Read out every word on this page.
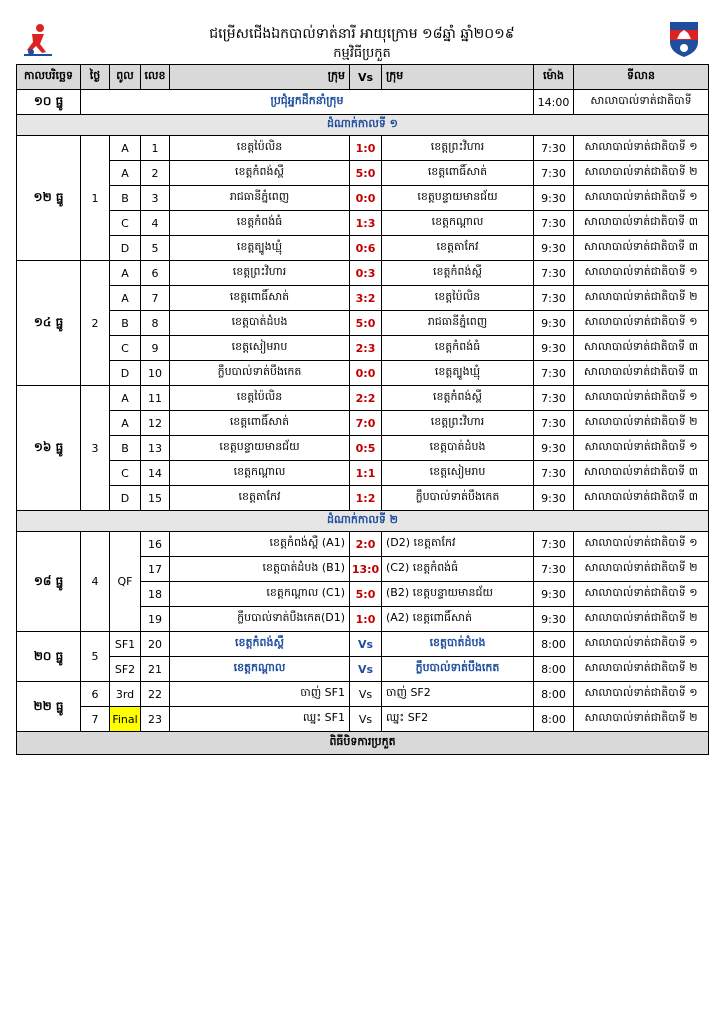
ជម្រើសជើងឯកបាល់ទាត់នារី អាយុក្រោម ១៨ឆ្នាំ ឆ្នាំ២០១៩
កម្មវិធីប្រកួត
កាលបរិច្ឆេទ	ថ្ងៃ	ពូល	លេខ	ក្រុម	Vs	ក្រុម	ម៉ោង	ទីលាន
១០ ធ្នូ	ប្រជុំអ្នកដឹកនាំក្រុម						14:00	សាលាបាល់ទាត់ជាតិបាទី
ដំណាក់កាលទី ១								
១២ ធ្នូ	1	A	1	ខេត្តប៉ៃលិន	1:0	ខេត្តព្រះវិហារ	7:30	សាលាបាល់ទាត់ជាតិបាទី ១
		A	2	ខេត្តកំពង់ស្ពឺ	5:0	ខេត្តពោធិ៍សាត់	7:30	សាលាបាល់ទាត់ជាតិបាទី ២
		B	3	រាជធានីភ្នំពេញ	0:0	ខេត្តបន្ទាយមានជ័យ	9:30	សាលាបាល់ទាត់ជាតិបាទី ១
		C	4	ខេត្តកំពង់ធំ	1:3	ខេត្តកណ្ដាល	7:30	សាលាបាល់ទាត់ជាតិបាទី ៣
		D	5	ខេត្តត្បូងឃ្មុំ	0:6	ខេត្តតាកែវ	9:30	សាលាបាល់ទាត់ជាតិបាទី ៣
១៤ ធ្នូ	2	A	6	ខេត្តព្រះវិហារ	0:3	ខេត្តកំពង់ស្ពឺ	7:30	សាលាបាល់ទាត់ជាតិបាទី ១
		A	7	ខេត្តពោធិ៍សាត់	3:2	ខេត្តប៉ៃលិន	7:30	សាលាបាល់ទាត់ជាតិបាទី ២
		B	8	ខេត្តបាត់ដំបង	5:0	រាជធានីភ្នំពេញ	9:30	សាលាបាល់ទាត់ជាតិបាទី ១
		C	9	ខេត្តសៀមរាប	2:3	ខេត្តកំពង់ធំ	9:30	សាលាបាល់ទាត់ជាតិបាទី ៣
		D	10	ក្លឹបបាល់ទាត់បឹងកេត	0:0	ខេត្តត្បូងឃ្មុំ	7:30	សាលាបាល់ទាត់ជាតិបាទី ៣
១៦ ធ្នូ	3	A	11	ខេត្តប៉ៃលិន	2:2	ខេត្តកំពង់ស្ពឺ	7:30	សាលាបាល់ទាត់ជាតិបាទី ១
		A	12	ខេត្តពោធិ៍សាត់	7:0	ខេត្តព្រះវិហារ	7:30	សាលាបាល់ទាត់ជាតិបាទី ២
		B	13	ខេត្តបន្ទាយមានជ័យ	0:5	ខេត្តបាត់ដំបង	9:30	សាលាបាល់ទាត់ជាតិបាទី ១
		C	14	ខេត្តកណ្ដាល	1:1	ខេត្តសៀមរាប	7:30	សាលាបាល់ទាត់ជាតិបាទី ៣
		D	15	ខេត្តតាកែវ	1:2	ក្លឹបបាល់ទាត់បឹងកេត	9:30	សាលាបាល់ទាត់ជាតិបាទី ៣
ដំណាក់កាលទី ២								
១៨ ធ្នូ	4	QF	16	ខេត្តកំពង់ស្ពឺ (A1)	2:0	(D2) ខេត្តតាកែវ	7:30	សាលាបាល់ទាត់ជាតិបាទី ១
			17	ខេត្តបាត់ដំបង (B1)	13:0	(C2) ខេត្តកំពង់ធំ	7:30	សាលាបាល់ទាត់ជាតិបាទី ២
			18	ខេត្តកណ្ដាល (C1)	5:0	(B2) ខេត្តបន្ទាយមានជ័យ	9:30	សាលាបាល់ទាត់ជាតិបាទី ១
			19	ក្លឹបបាល់ទាត់បឹងកេត(D1)	1:0	(A2) ខេត្តពោធិ៍សាត់	9:30	សាលាបាល់ទាត់ជាតិបាទី ២
២០ ធ្នូ	5	SF1	20	ខេត្តកំពង់ស្ពឺ	Vs	ខេត្តបាត់ដំបង	8:00	សាលាបាល់ទាត់ជាតិបាទី ១
		SF2	21	ខេត្តកណ្ដាល	Vs	ក្លឹបបាល់ទាត់បឹងកេត	8:00	សាលាបាល់ទាត់ជាតិបាទី ២
២២ ធ្នូ	6	3rd	22	ចាញ់ SF1	Vs	ចាញ់ SF2	8:00	សាលាបាល់ទាត់ជាតិបាទី ១
	7	Final	23	ឈ្នះ SF1	Vs	ឈ្នះ SF2	8:00	សាលាបាល់ទាត់ជាតិបាទី ២
ពិធីបិទការប្រកួត								
